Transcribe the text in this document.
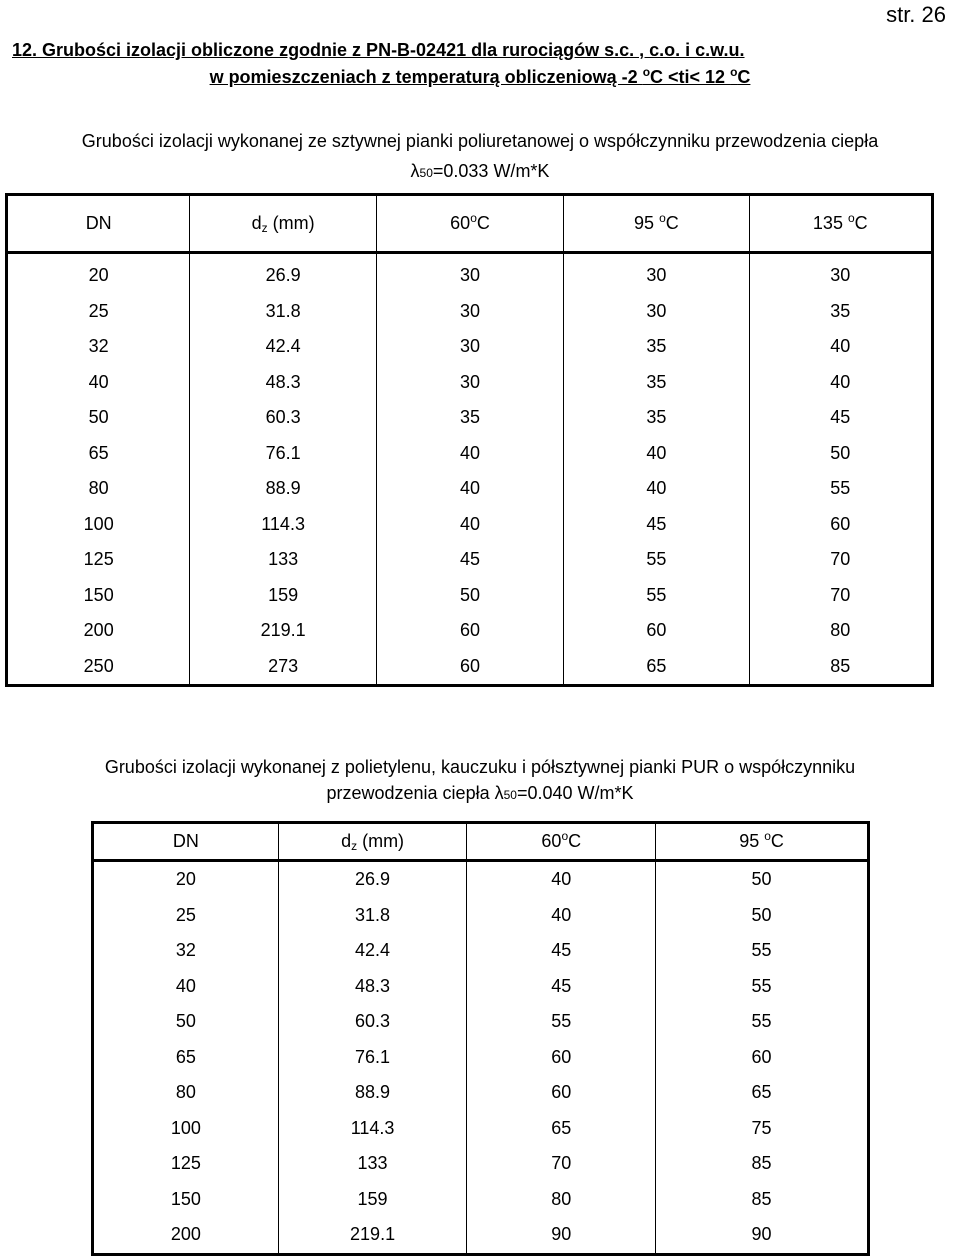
str. 26
12. Grubości izolacji obliczone zgodnie z PN-B-02421 dla rurociągów s.c. , c.o. i c.w.u.
w pomieszczeniach z temperaturą obliczeniową -2 $^o$C <ti< 12 $^o$C
Grubości izolacji wykonanej ze sztywnej pianki poliuretanowej o współczynniku przewodzenia ciepła
λ50=0.033 W/m*K
DN	$d_z$ (mm)	60$^o$C	95 $^o$C	135 $^o$C
20	26.9	30	30	30
25	31.8	30	30	35
32	42.4	30	35	40
40	48.3	30	35	40
50	60.3	35	35	45
65	76.1	40	40	50
80	88.9	40	40	55
100	114.3	40	45	60
125	133	45	55	70
150	159	50	55	70
200	219.1	60	60	80
250	273	60	65	85
Grubości izolacji wykonanej z polietylenu, kauczuku i półsztywnej pianki PUR o współczynniku
przewodzenia ciepła λ50=0.040 W/m*K
DN	$d_z$ (mm)	60$^o$C	95 $^o$C
20	26.9	40	50
25	31.8	40	50
32	42.4	45	55
40	48.3	45	55
50	60.3	55	55
65	76.1	60	60
80	88.9	60	65
100	114.3	65	75
125	133	70	85
150	159	80	85
200	219.1	90	90
